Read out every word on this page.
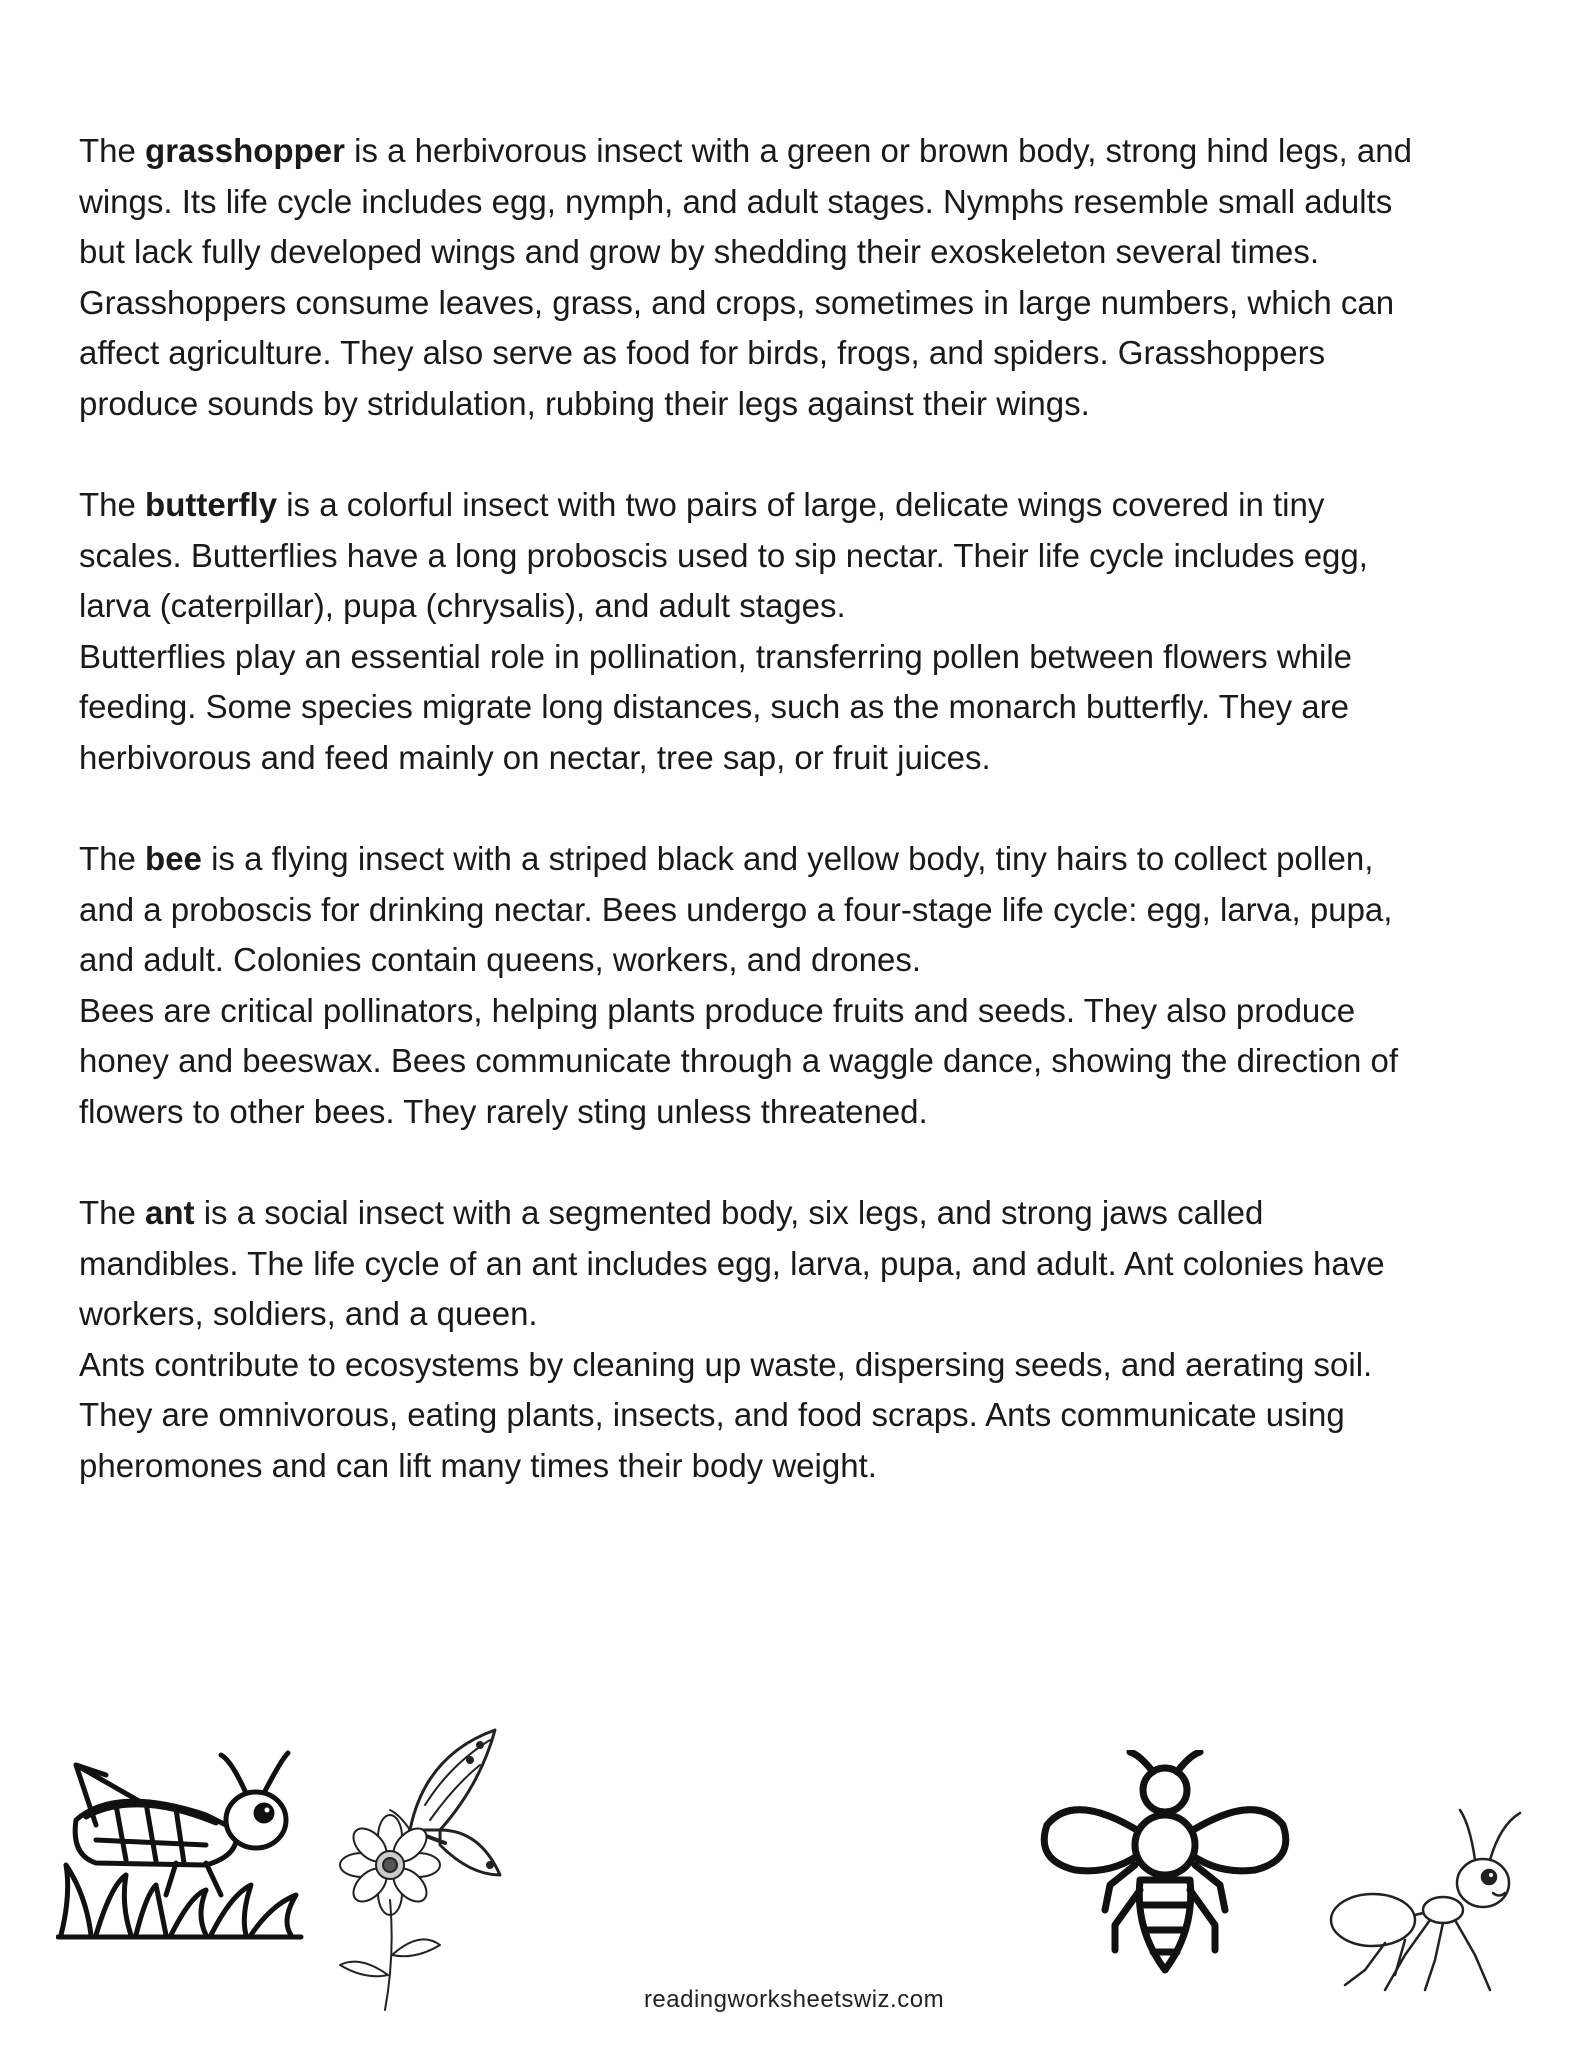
The grasshopper is a herbivorous insect with a green or brown body, strong hind legs, and
wings. Its life cycle includes egg, nymph, and adult stages. Nymphs resemble small adults
but lack fully developed wings and grow by shedding their exoskeleton several times.
Grasshoppers consume leaves, grass, and crops, sometimes in large numbers, which can
affect agriculture. They also serve as food for birds, frogs, and spiders. Grasshoppers
produce sounds by stridulation, rubbing their legs against their wings.

The butterfly is a colorful insect with two pairs of large, delicate wings covered in tiny
scales. Butterflies have a long proboscis used to sip nectar. Their life cycle includes egg,
larva (caterpillar), pupa (chrysalis), and adult stages.
Butterflies play an essential role in pollination, transferring pollen between flowers while
feeding. Some species migrate long distances, such as the monarch butterfly. They are
herbivorous and feed mainly on nectar, tree sap, or fruit juices.

The bee is a flying insect with a striped black and yellow body, tiny hairs to collect pollen,
and a proboscis for drinking nectar. Bees undergo a four-stage life cycle: egg, larva, pupa,
and adult. Colonies contain queens, workers, and drones.
Bees are critical pollinators, helping plants produce fruits and seeds. They also produce
honey and beeswax. Bees communicate through a waggle dance, showing the direction of
flowers to other bees. They rarely sting unless threatened.

The ant is a social insect with a segmented body, six legs, and strong jaws called
mandibles. The life cycle of an ant includes egg, larva, pupa, and adult. Ant colonies have
workers, soldiers, and a queen.
Ants contribute to ecosystems by cleaning up waste, dispersing seeds, and aerating soil.
They are omnivorous, eating plants, insects, and food scraps. Ants communicate using
pheromones and can lift many times their body weight.

readingworksheetswiz.com
